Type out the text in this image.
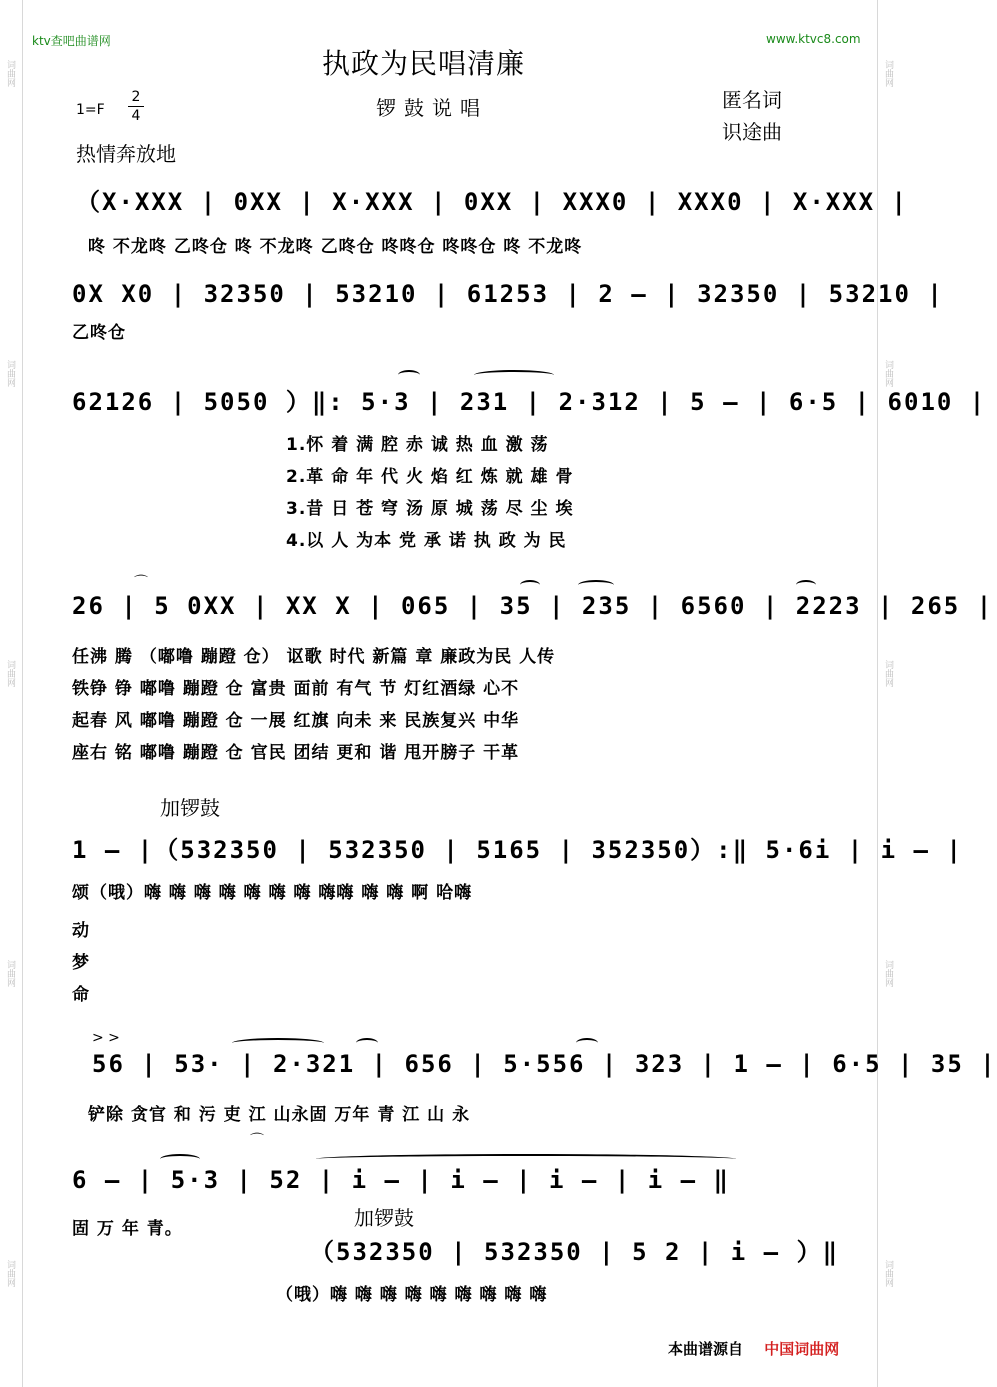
词曲网
词曲网
词曲网
词曲网
词曲网
词曲网
词曲网
词曲网
词曲网
词曲网
ktv查吧曲谱网	www.ktvc8.com
执政为民唱清廉
锣鼓说唱	匿名词
识途曲
$1=F \frac{2}{4}$
热情奔放地
（X·XXX | 0XX | X·XXX | 0XX | XXX0 | XXX0 | X·XXX |
咚 不龙咚 乙咚仓 咚 不龙咚 乙咚仓 咚咚仓 咚咚仓 咚 不龙咚
0X X0 | 32350 | 53210 | 61253 | 2 – | 32350 | 53210 |
乙咚仓
62126 | 5050 ）‖: 5·3 | 231 | 2·312 | 5 – | 6·5 | 6010 |
1.怀 着 满 腔 赤 诚 热 血 激 荡
2.革 命 年 代 火 焰 红 炼 就 雄 骨
3.昔 日 苍 穹 汤 原 城 荡 尽 尘 埃
4.以 人 为本 党 承 诺 执 政 为 民
26 | 5 0XX | XX X | 065 | 35 | 235 | 6560 | 2223 | 265 |
⌒
任沸 腾 （嘟噜 蹦蹬 仓） 讴歌 时代 新篇 章 廉政为民 人传
铁铮 铮 嘟噜 蹦蹬 仓 富贵 面前 有气 节 灯红酒绿 心不
起春 风 嘟噜 蹦蹬 仓 一展 红旗 向未 来 民族复兴 中华
座右 铭 嘟噜 蹦蹬 仓 官民 团结 更和 谐 甩开膀子 干革
加锣鼓
1 – |（532350 | 532350 | 5165 | 352350）:‖ 5·6i | i – |
颂（哦）嗨 嗨 嗨 嗨 嗨 嗨 嗨 嗨嗨 嗨 嗨 啊 哈嗨
动
梦
命
> >
56 | 53· | 2·321 | 656 | 5·556 | 323 | 1 – | 6·5 | 35 |
铲除 贪官 和 污 吏 江 山永固 万年 青 江 山 永
6 – | 5·3 | 52 | i – | i – | i – | i – ‖
⌒
固 万 年 青。	加锣鼓
（532350 | 532350 | 5 2 | i – ）‖
（哦）嗨 嗨 嗨 嗨 嗨 嗨 嗨 嗨 嗨
本曲谱源自 中国词曲网
